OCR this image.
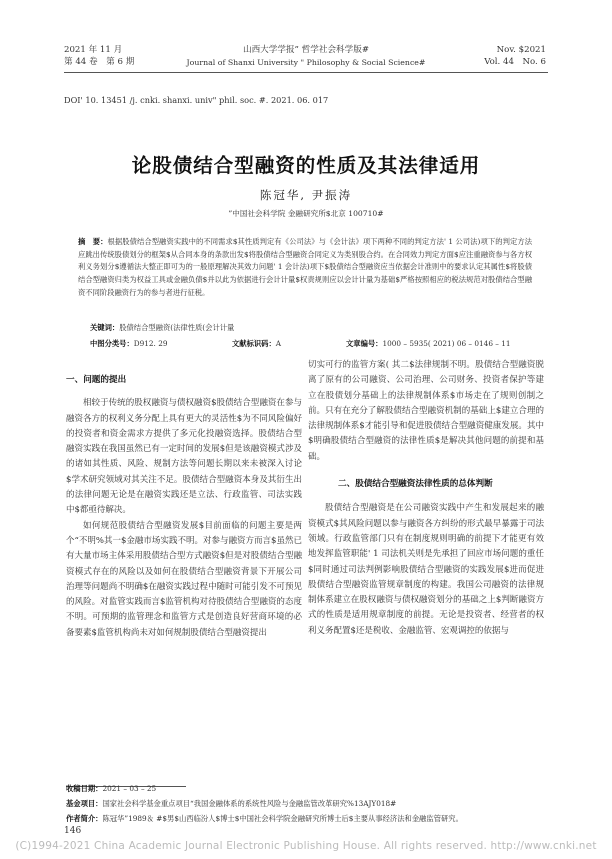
2021 年 11 月
第 44 卷　第 6 期
山西大学学报” 哲学社会科学版#
Journal of Shanxi University " Philosophy & Social Science#
Nov. $2021
Vol. 44　No. 6
DOI' 10. 13451 /j. cnki. shanxi. univ" phil. soc. #. 2021. 06. 017
论股债结合型融资的性质及其法律适用
陈冠华, 尹振涛
”中国社会科学院 金融研究所$北京 100710#
摘　要：根据股债结合型融资实践中的不同需求$其性质判定有《公司法》与《会计法》项下两种不同的判定方法' 1 公司法)项下的判定方法应跳出传统股债划分的框架$从合同本身的条款出发$将股债结合型融资合同定义为类别股合约。在合同效力判定方面$应注重融资参与各方权利义务划分$遵循法大整正即可为的一般原理解决其效力问题' 1 会计法)项下$股债结合型融资应当依据会计准则中的要求认定其属性$将股债结合型融资归类为权益工具或金融负债$并以此为依据进行会计计量$权责规则应以会计计量为基础$严格按照相应的税法规范对股债结合型融资不同阶段融资行为的参与者进行征税。
关键词：股债结合型融资(法律性质(会计计量
中图分类号：D912. 29	文献标识码：A	文章编号：1000 – 5935( 2021) 06 – 0146 – 11
一、问题的提出

相较于传统的股权融资与债权融资$股债结合型融资在参与融资各方的权利义务分配上具有更大的灵活性$为不同风险偏好的投资者和资金需求方提供了多元化投融资选择。股债结合型融资实践在我国虽然已有一定时间的发展$但是该融资模式涉及的诸如其性质、风险、规制方法等问题长期以来未被深入讨论$学术研究领域对其关注不足。股债结合型融资本身及其衍生出的法律问题无论是在融资实践还是立法、行政监管、司法实践中$都亟待解决。

如何规范股债结合型融资发展$目前面临的问题主要是两个“不明%其一$金融市场实践不明。对参与融资方而言$虽然已有大量市场主体采用股债结合型方式融资$但是对股债结合型融资模式存在的风险以及如何在股债结合型融资背景下开展公司治理等问题尚不明确$在融资实践过程中随时可能引发不可预见的风险。对监管实践而言$监管机构对待股债结合型融资的态度不明。可预期的监管理念和监管方式是创造良好营商环境的必备要素$监管机构尚未对如何规制股债结合型融资提出

切实可行的监管方案( 其二$法律规制不明。股债结合型融资脱离了原有的公司融资、公司治理、公司财务、投资者保护等建立在股债划分基础上的法律规制体系$市场走在了规则创制之前。只有在充分了解股债结合型融资机制的基础上$建立合理的法律规制体系$才能引导和促进股债结合型融资健康发展。其中$明确股债结合型融资的法律性质$是解决其他问题的前提和基础。

二、股债结合型融资法律性质的总体判断

股债结合型融资是在公司融资实践中产生和发展起来的融资模式$其风险问题以参与融资各方纠纷的形式最早暴露于司法领域。行政监管部门只有在制度规则明确的前提下才能更有效地发挥监管职能' 1 司法机关则是先承担了回应市场问题的重任$同时通过司法判例影响股债结合型融资的实践发展$进而促进股债结合型融资监管规章制度的构建。我国公司融资的法律规制体系建立在股权融资与债权融资划分的基础之上$判断融资方式的性质是适用规章制度的前提。无论是投资者、经营者的权利义务配置$还是税收、金融监管、宏观调控的依据与

收稿日期：2021 – 03 – 25
基金项目：国家社会科学基金重点项目“我国金融体系的系统性风险与金融监管改革研究%13AJY018#
作者简介：陈冠华”1989＆ #$男$山西临汾人$博士$中国社会科学院金融研究所博士后$主要从事经济法和金融监管研究。
146
(C)1994-2021 China Academic Journal Electronic Publishing House. All rights reserved. http://www.cnki.net
